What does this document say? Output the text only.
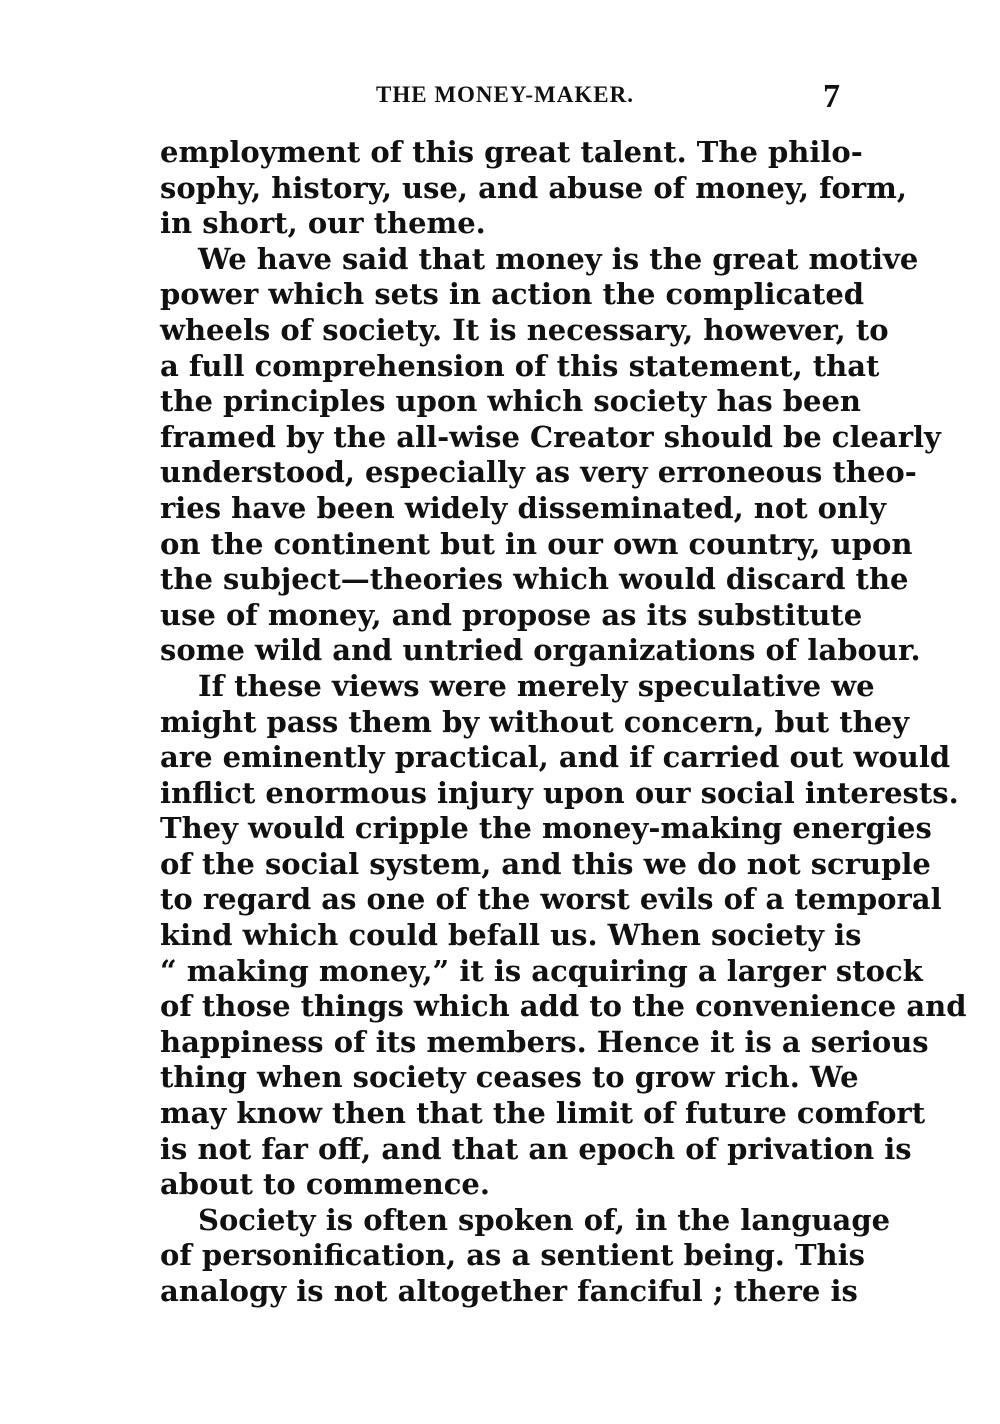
THE MONEY-MAKER.	7
employment of this great talent. The philo-
sophy, history, use, and abuse of money, form,
in short, our theme.
We have said that money is the great motive
power which sets in action the complicated
wheels of society. It is necessary, however, to
a full comprehension of this statement, that
the principles upon which society has been
framed by the all-wise Creator should be clearly
understood, especially as very erroneous theo-
ries have been widely disseminated, not only
on the continent but in our own country, upon
the subject—theories which would discard the
use of money, and propose as its substitute
some wild and untried organizations of labour.
If these views were merely speculative we
might pass them by without concern, but they
are eminently practical, and if carried out would
inflict enormous injury upon our social interests.
They would cripple the money-making energies
of the social system, and this we do not scruple
to regard as one of the worst evils of a temporal
kind which could befall us. When society is
“ making money,” it is acquiring a larger stock
of those things which add to the convenience and
happiness of its members. Hence it is a serious
thing when society ceases to grow rich. We
may know then that the limit of future comfort
is not far off, and that an epoch of privation is
about to commence.
Society is often spoken of, in the language
of personification, as a sentient being. This
analogy is not altogether fanciful ; there is
